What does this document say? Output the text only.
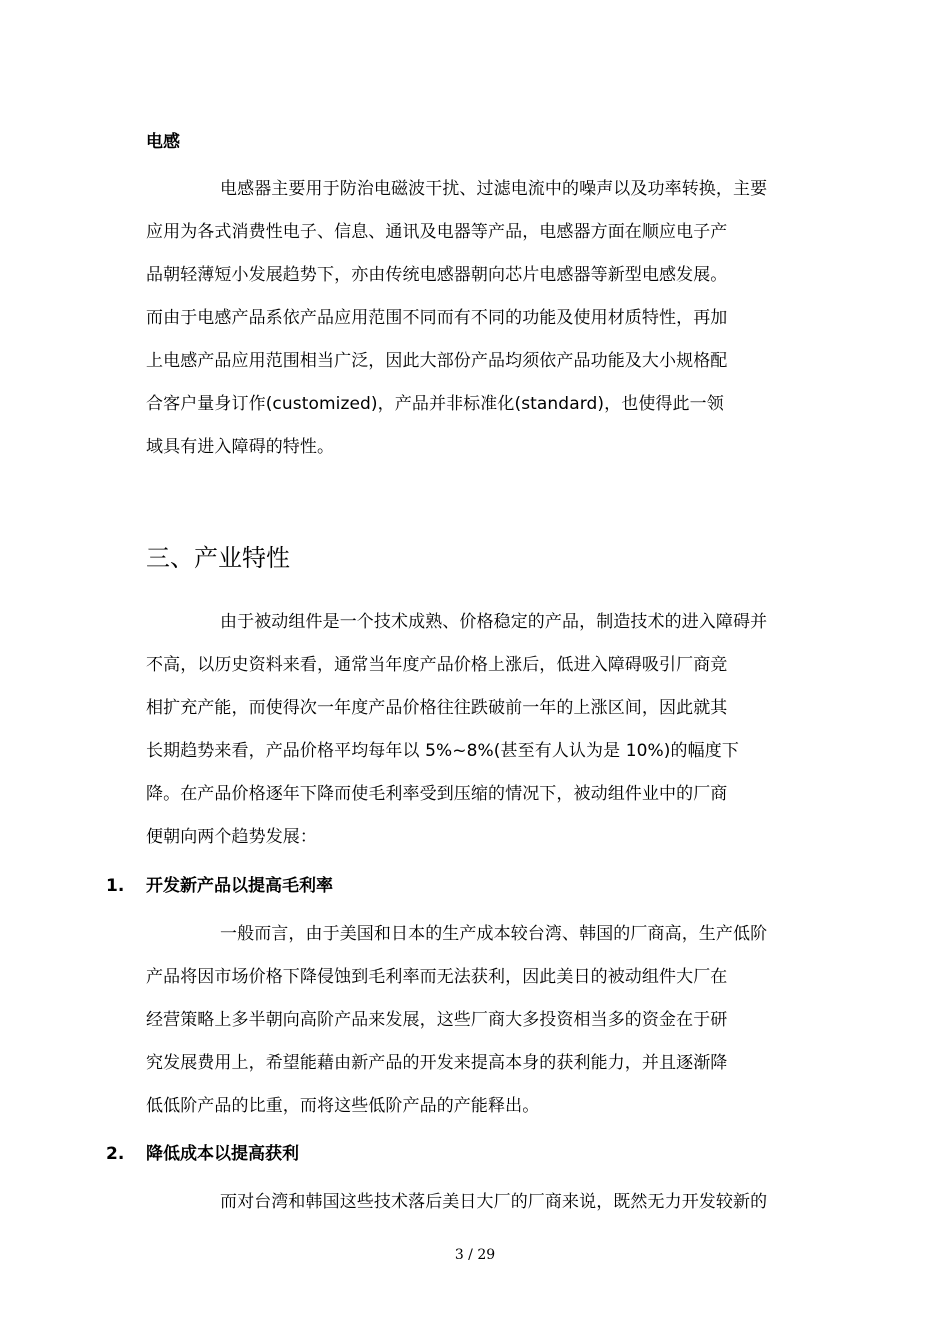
电感
电感器主要用于防治电磁波干扰、过滤电流中的噪声以及功率转换，主要
应用为各式消费性电子、信息、通讯及电器等产品，电感器方面在顺应电子产
品朝轻薄短小发展趋势下，亦由传统电感器朝向芯片电感器等新型电感发展。
而由于电感产品系依产品应用范围不同而有不同的功能及使用材质特性，再加
上电感产品应用范围相当广泛，因此大部份产品均须依产品功能及大小规格配
合客户量身订作(customized)，产品并非标准化(standard)，也使得此一领
域具有进入障碍的特性。
三、产业特性
由于被动组件是一个技术成熟、价格稳定的产品，制造技术的进入障碍并
不高，以历史资料来看，通常当年度产品价格上涨后，低进入障碍吸引厂商竞
相扩充产能，而使得次一年度产品价格往往跌破前一年的上涨区间，因此就其
长期趋势来看，产品价格平均每年以 5%~8%(甚至有人认为是 10%)的幅度下
降。在产品价格逐年下降而使毛利率受到压缩的情况下，被动组件业中的厂商
便朝向两个趋势发展：
1. 开发新产品以提高毛利率
一般而言，由于美国和日本的生产成本较台湾、韩国的厂商高，生产低阶
产品将因市场价格下降侵蚀到毛利率而无法获利，因此美日的被动组件大厂在
经营策略上多半朝向高阶产品来发展，这些厂商大多投资相当多的资金在于研
究发展费用上，希望能藉由新产品的开发来提高本身的获利能力，并且逐渐降
低低阶产品的比重，而将这些低阶产品的产能释出。
2. 降低成本以提高获利
而对台湾和韩国这些技术落后美日大厂的厂商来说，既然无力开发较新的
3 / 29
